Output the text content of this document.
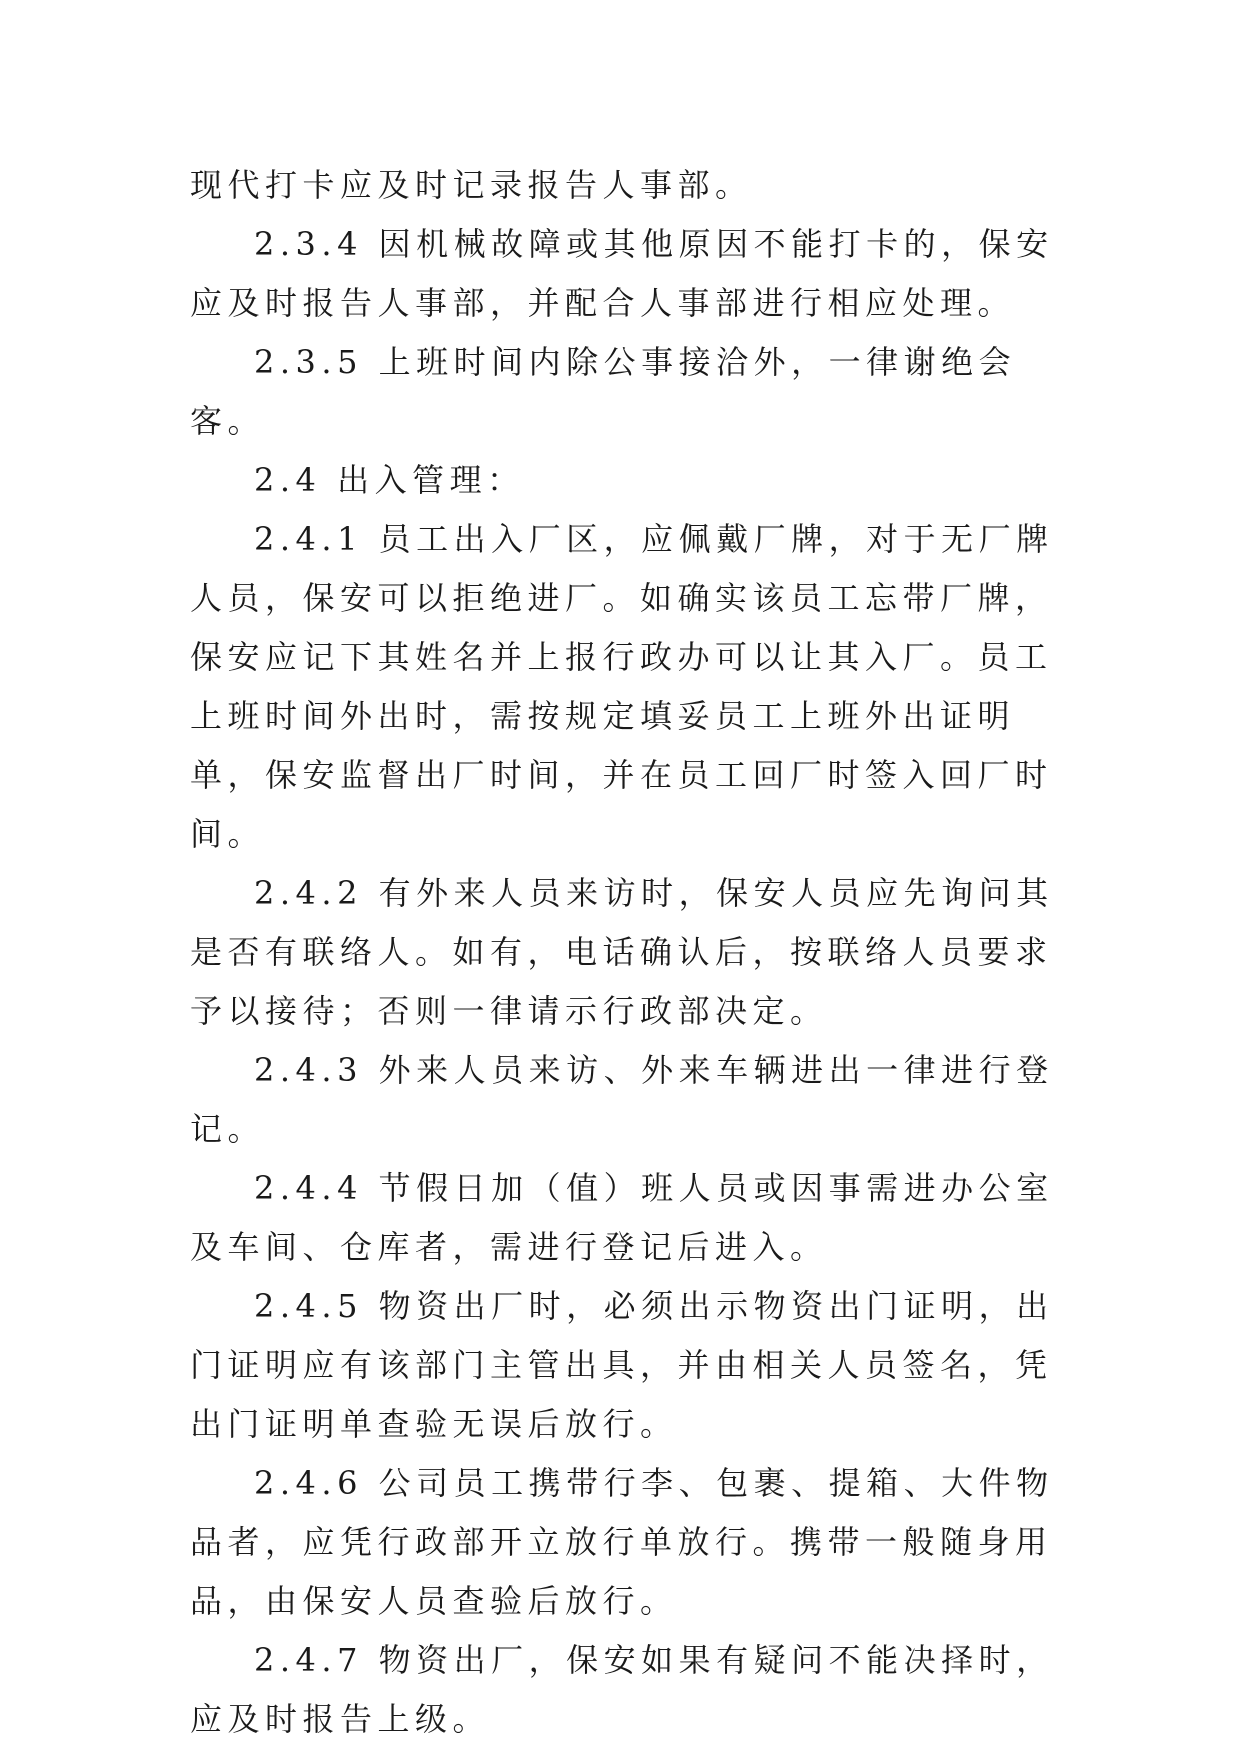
现代打卡应及时记录报告人事部。

2.3.4 因机械故障或其他原因不能打卡的，保安应及时报告人事部，并配合人事部进行相应处理。

2.3.5 上班时间内除公事接洽外，一律谢绝会客。

2.4 出入管理：

2.4.1 员工出入厂区，应佩戴厂牌，对于无厂牌人员，保安可以拒绝进厂。如确实该员工忘带厂牌，保安应记下其姓名并上报行政办可以让其入厂。员工上班时间外出时，需按规定填妥员工上班外出证明单，保安监督出厂时间，并在员工回厂时签入回厂时间。

2.4.2 有外来人员来访时，保安人员应先询问其是否有联络人。如有，电话确认后，按联络人员要求予以接待；否则一律请示行政部决定。

2.4.3 外来人员来访、外来车辆进出一律进行登记。

2.4.4 节假日加（值）班人员或因事需进办公室及车间、仓库者，需进行登记后进入。

2.4.5 物资出厂时，必须出示物资出门证明，出门证明应有该部门主管出具，并由相关人员签名，凭出门证明单查验无误后放行。

2.4.6 公司员工携带行李、包裹、提箱、大件物品者，应凭行政部开立放行单放行。携带一般随身用品，由保安人员查验后放行。

2.4.7 物资出厂，保安如果有疑问不能决择时，应及时报告上级。
